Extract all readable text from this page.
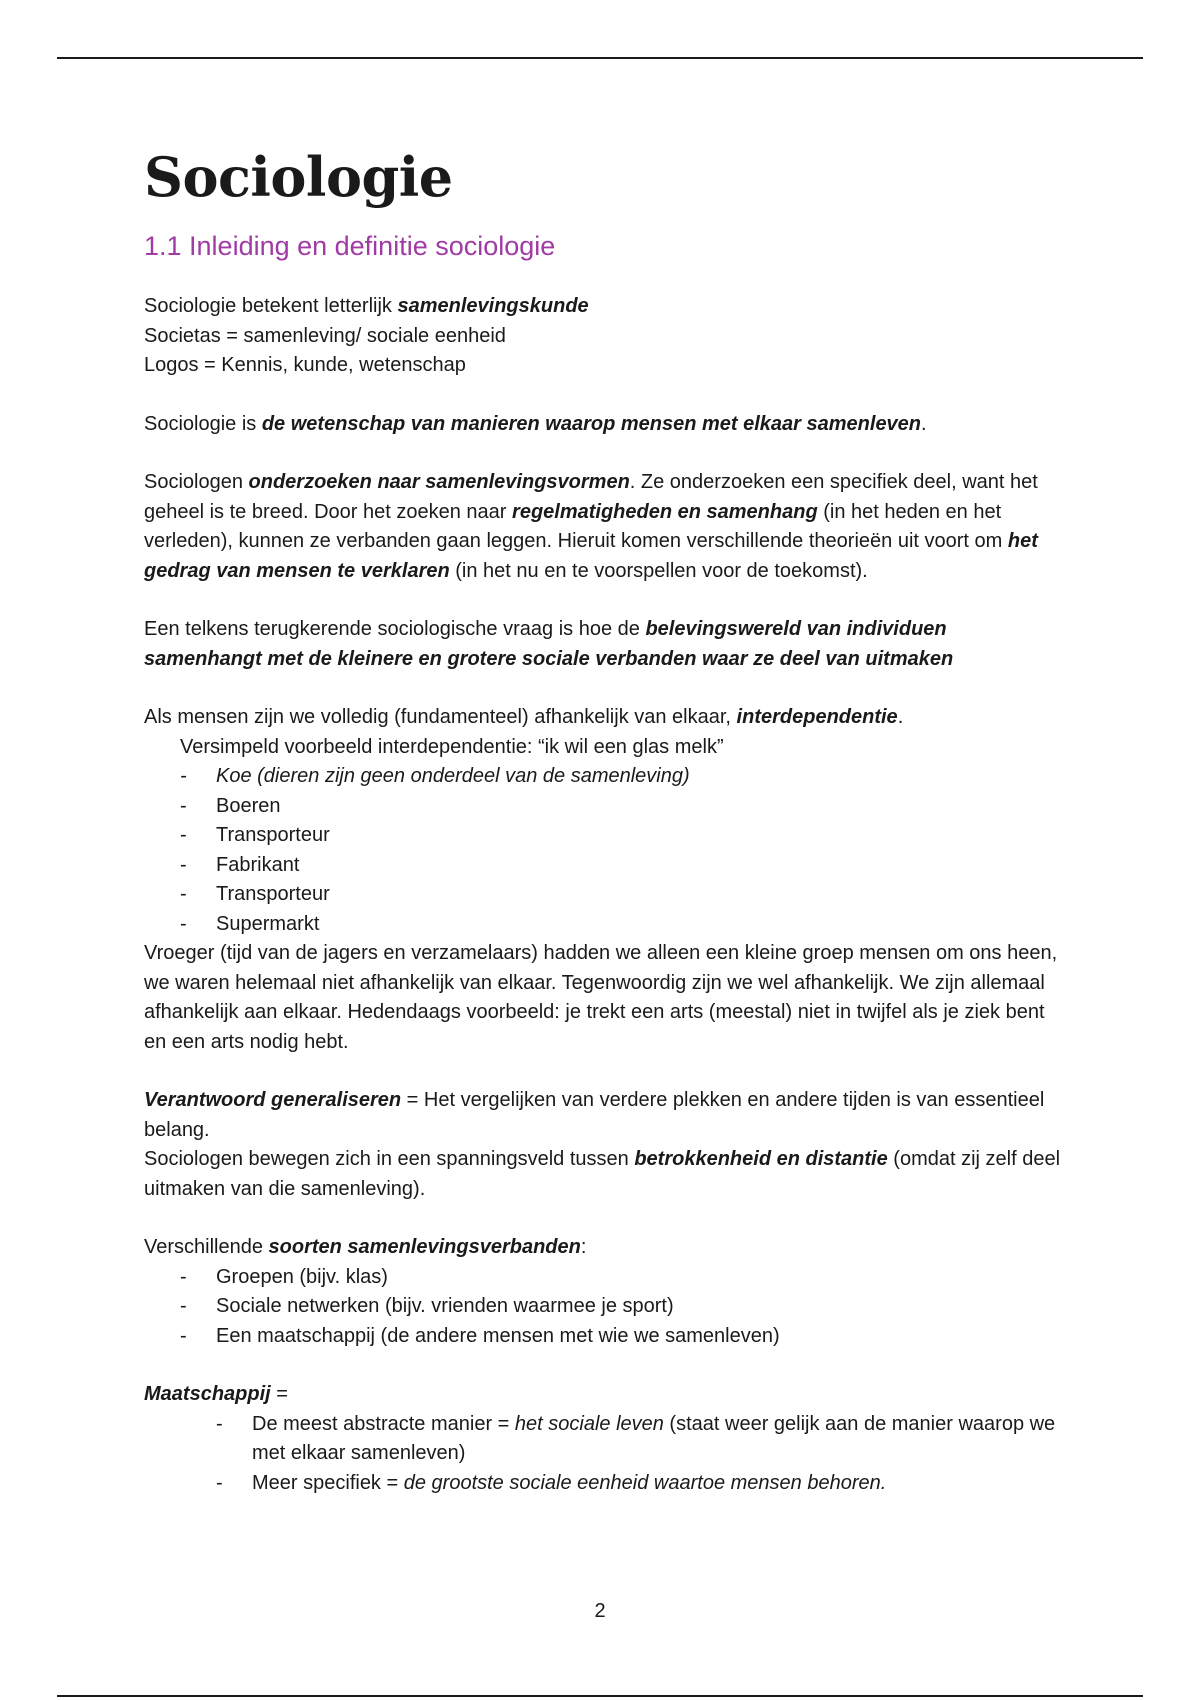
Sociologie
1.1 Inleiding en definitie sociologie

Sociologie betekent letterlijk samenlevingskunde

Societas = samenleving/ sociale eenheid

Logos = Kennis, kunde, wetenschap

Sociologie is de wetenschap van manieren waarop mensen met elkaar samenleven.

Sociologen onderzoeken naar samenlevingsvormen. Ze onderzoeken een specifiek deel, want het geheel is te breed. Door het zoeken naar regelmatigheden en samenhang (in het heden en het verleden), kunnen ze verbanden gaan leggen. Hieruit komen verschillende theorieën uit voort om het gedrag van mensen te verklaren (in het nu en te voorspellen voor de toekomst).

Een telkens terugkerende sociologische vraag is hoe de belevingswereld van individuen samenhangt met de kleinere en grotere sociale verbanden waar ze deel van uitmaken

Als mensen zijn we volledig (fundamenteel) afhankelijk van elkaar, interdependentie.

Versimpeld voorbeeld interdependentie: “ik wil een glas melk”

- Koe (dieren zijn geen onderdeel van de samenleving)
- Boeren
- Transporteur
- Fabrikant
- Transporteur
- Supermarkt

Vroeger (tijd van de jagers en verzamelaars) hadden we alleen een kleine groep mensen om ons heen, we waren helemaal niet afhankelijk van elkaar. Tegenwoordig zijn we wel afhankelijk. We zijn allemaal afhankelijk aan elkaar. Hedendaags voorbeeld: je trekt een arts (meestal) niet in twijfel als je ziek bent en een arts nodig hebt.

Verantwoord generaliseren = Het vergelijken van verdere plekken en andere tijden is van essentieel belang.

Sociologen bewegen zich in een spanningsveld tussen betrokkenheid en distantie (omdat zij zelf deel uitmaken van die samenleving).

Verschillende soorten samenlevingsverbanden:

- Groepen (bijv. klas)
- Sociale netwerken (bijv. vrienden waarmee je sport)
- Een maatschappij (de andere mensen met wie we samenleven)

Maatschappij =

- De meest abstracte manier = het sociale leven (staat weer gelijk aan de manier waarop we met elkaar samenleven)
- Meer specifiek = de grootste sociale eenheid waartoe mensen behoren.
2
